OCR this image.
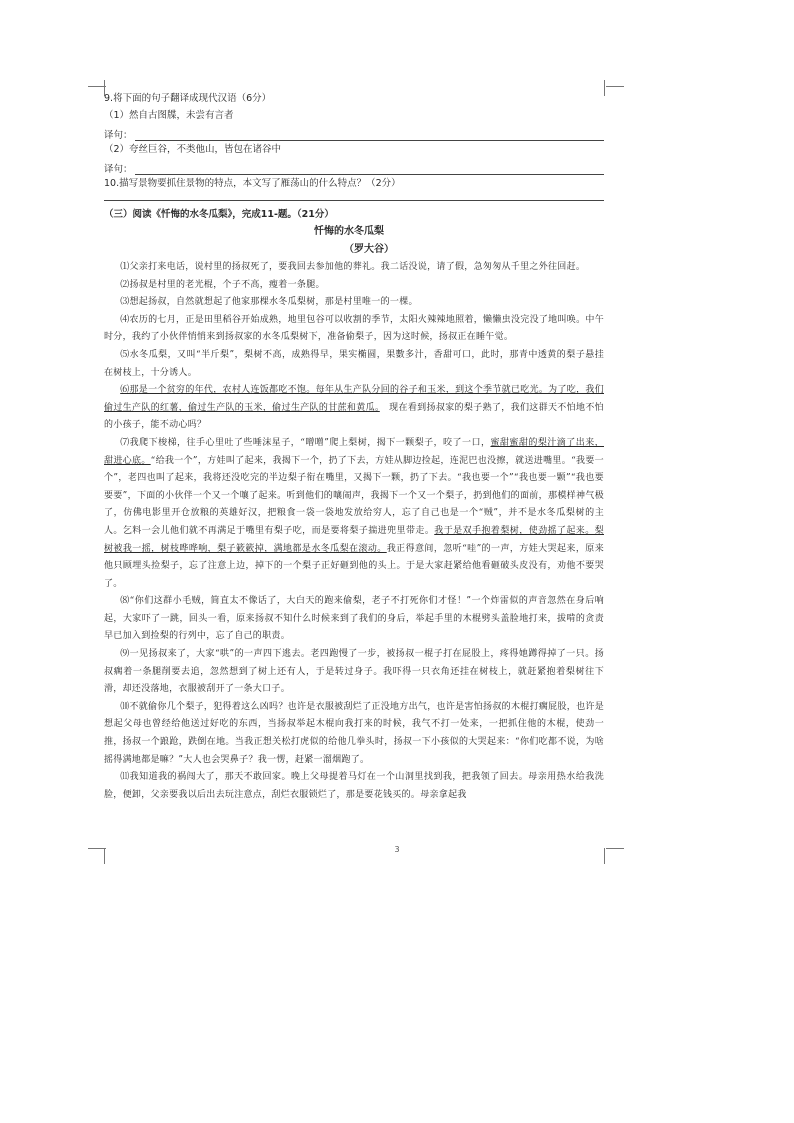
9.将下面的句子翻译成现代汉语（6分）

（1）然自古图牒，未尝有言者

译句：

（2）夸丝巨谷，不类他山，皆包在诸谷中

译句：

10.描写景物要抓住景物的特点，本文写了雁荡山的什么特点？（2分）

（三）阅读《忏悔的水冬瓜梨》，完成11-题。（21分）

忏悔的水冬瓜梨

（罗大谷）

⑴父亲打来电话，说村里的扬叔死了，要我回去参加他的葬礼。我二话没说，请了假，急匆匆从千里之外往回赶。

⑵扬叔是村里的老光棍，个子不高，瘦着一条腿。

⑶想起扬叔，自然就想起了他家那棵水冬瓜梨树，那是村里唯一的一棵。

⑷农历的七月，正是田里稻谷开始成熟，地里包谷可以收割的季节，太阳火辣辣地照着，懒懒虫没完没了地叫唤。中午时分，我约了小伙伴悄悄来到扬叔家的水冬瓜梨树下，准备偷梨子，因为这时候，扬叔正在睡午觉。

⑸水冬瓜梨，又叫“半斤梨”，梨树不高，成熟得早，果实椭圆，果數多汁，香甜可口，此时，那青中透黄的梨子悬挂在树枝上，十分诱人。

⑹那是一个贫穷的年代，农村人连饭都吃不饱。每年从生产队分回的谷子和玉米，到这个季节就已吃光。为了吃，我们偷过生产队的红薯，偷过生产队的玉米，偷过生产队的甘蔗和黄瓜。　 现在看到扬叔家的梨子熟了，我们这群天不怕地不怕的小孩子，能不动心吗？

⑺我爬下梭梯，往手心里吐了些唾沫星子，“噌噌”爬上梨树，揭下一颗梨子，咬了一口，蜜甜蜜甜的梨汁滴了出来，甜进心底。“给我一个”，方娃叫了起来，我揭下一个，扔了下去，方娃从脚边捡起，连泥巴也没擦，就送进嘴里。“我要一个”，老四也叫了起来，我将还没吃完的半边梨子衔在嘴里，又揭下一颗，扔了下去。“我也要一个”“我也要一颗”“我也要要要”，下面的小伙伴一个又一个嚷了起来。听到他们的嚷闹声，我揭下一个又一个梨子，扔到他们的面前，那模样神气极了，仿佛电影里开仓放粮的英雄好汉，把粮食一袋一袋地发放给穷人，忘了自己也是一个“贼”，并不是水冬瓜梨树的主人。乞料一会儿他们就不再满足于嘴里有梨子吃，而是要将梨子揣进兜里带走。我于是双手抱着梨树，使劲摇了起来。梨树被我一摇，树枝哗哗响，梨子簌簌掉，满地都是水冬瓜梨在滚动。我正得意间，忽听“哇”的一声，方娃大哭起来，原来他只顾埋头捡梨子，忘了注意上边，掉下的一个梨子正好砸到他的头上。于是大家赶紧给他看砸破头皮没有，劝他不要哭了。

⑻“你们这群小毛贼，简直太不像话了，大白天的跑来偷梨，老子不打死你们才怪！”一个炸雷似的声音忽然在身后响起，大家吓了一跳，回头一看，原来扬叔不知什么时候来到了我们的身后，举起手里的木棍劈头盖脸地打来，拔啃的贪责早已加入到捡梨的行列中，忘了自己的职责。

⑼一见扬叔来了，大家“哄”的一声四下逃去。老四跑慢了一步，被扬叔一棍子打在屁股上，疼得她蹲得掉了一只。扬叔瘸着一条腿削要去追，忽然想到了树上还有人，于是转过身子。我吓得一只衣角还挂在树枝上，就赶紧抱着梨树往下滑，却还没落地，衣服被刮开了一条大口子。

⑽不就偷你几个梨子，犯得着这么凶吗？也许是衣服被刮烂了正没地方出气，也许是害怕扬叔的木棍打瘸屁股，也许是想起父母也曾经给他送过好吃的东西，当扬叔举起木棍向我打来的时候，我气不打一处来，一把抓住他的木棍，使劲一推，扬叔一个踉跄，跌倒在地。当我正想关松打虎似的给他几拳头时，扬叔一下小孩似的大哭起来：“你们吃都不说，为啥摇得满地都是嘛？”大人也会哭鼻子？我一愣，赶紧一溜烟跑了。

⑾我知道我的祸闯大了，那天不敢回家。晚上父母提着马灯在一个山洞里找到我，把我领了回去。母亲用热水给我洗脸，便卸，父亲要我以后出去玩注意点，刮烂衣服锁烂了，那是要花钱买的。母亲拿起我

3
